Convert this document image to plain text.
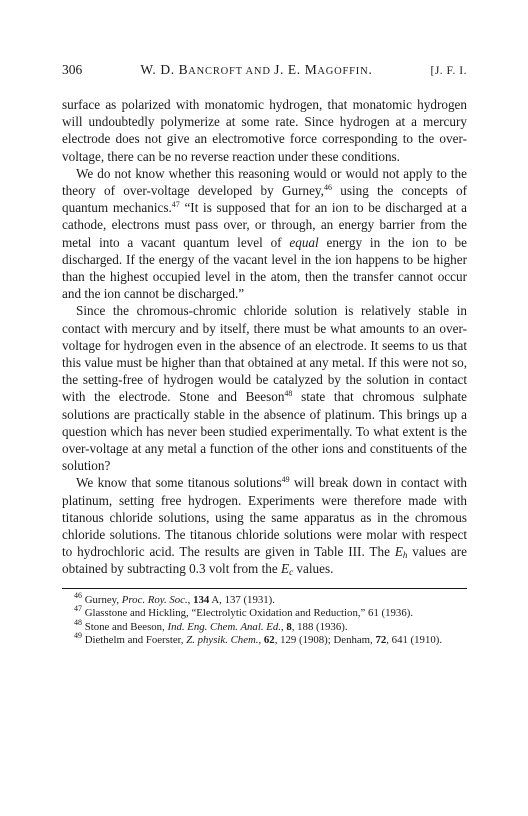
306	W. D. BANCROFT AND J. E. MAGOFFIN.	[J. F. I.

surface as polarized with monatomic hydrogen, that monatomic hydrogen will undoubtedly polymerize at some rate. Since hydrogen at a mercury electrode does not give an electromotive force corresponding to the over-voltage, there can be no reverse reaction under these conditions.

We do not know whether this reasoning would or would not apply to the theory of over-voltage developed by Gurney,$^{46}$ using the concepts of quantum mechanics.$^{47}$ “It is supposed that for an ion to be discharged at a cathode, electrons must pass over, or through, an energy barrier from the metal into a vacant quantum level of equal energy in the ion to be discharged. If the energy of the vacant level in the ion happens to be higher than the highest occupied level in the atom, then the transfer cannot occur and the ion cannot be discharged.”

Since the chromous-chromic chloride solution is relatively stable in contact with mercury and by itself, there must be what amounts to an over-voltage for hydrogen even in the absence of an electrode. It seems to us that this value must be higher than that obtained at any metal. If this were not so, the setting-free of hydrogen would be catalyzed by the solution in contact with the electrode. Stone and Beeson$^{48}$ state that chromous sulphate solutions are practically stable in the absence of platinum. This brings up a question which has never been studied experimentally. To what extent is the over-voltage at any metal a function of the other ions and constituents of the solution?

We know that some titanous solutions$^{49}$ will break down in contact with platinum, setting free hydrogen. Experiments were therefore made with titanous chloride solutions, using the same apparatus as in the chromous chloride solutions. The titanous chloride solutions were molar with respect to hydrochloric acid. The results are given in Table III. The $E_h$ values are obtained by subtracting 0.3 volt from the $E_c$ values.

$^{46}$ Gurney, Proc. Roy. Soc., 134 A, 137 (1931).

$^{47}$ Glasstone and Hickling, “Electrolytic Oxidation and Reduction,” 61 (1936).

$^{48}$ Stone and Beeson, Ind. Eng. Chem. Anal. Ed., 8, 188 (1936).

$^{49}$ Diethelm and Foerster, Z. physik. Chem., 62, 129 (1908); Denham, 72, 641 (1910).
